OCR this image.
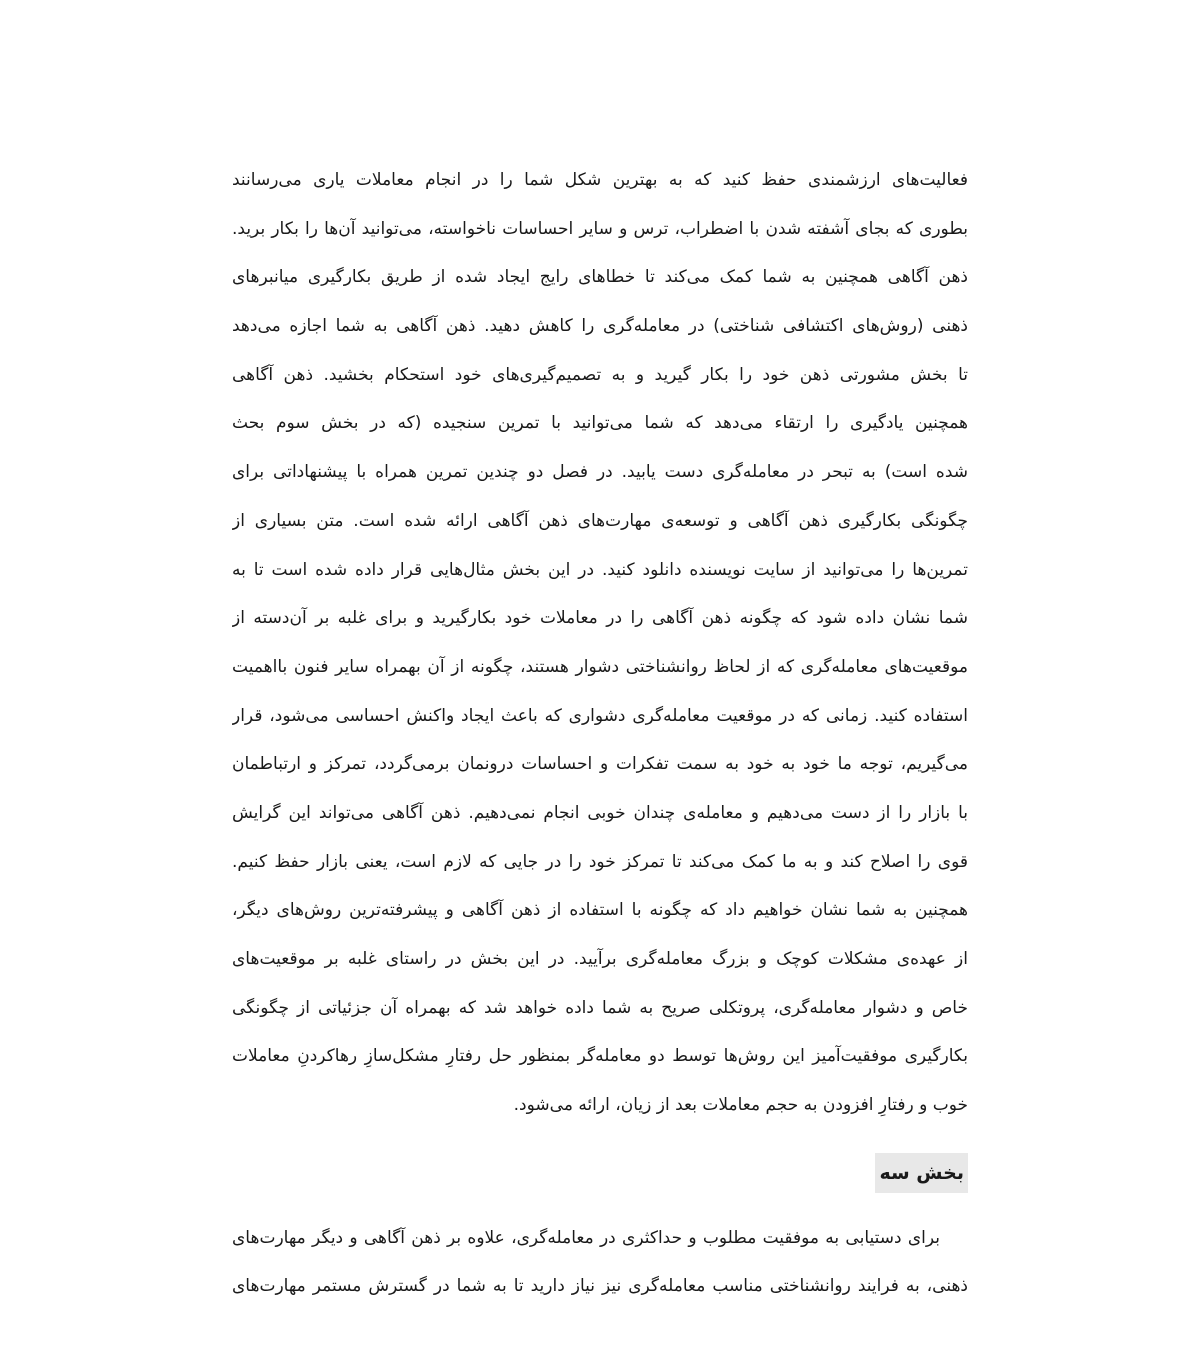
فعالیت‌های ارزشمندی حفظ کنید که به بهترین شکل شما را در انجام معاملات یاری می‌رسانند
بطوری که بجای آشفته شدن با اضطراب، ترس و سایر احساسات ناخواسته، می‌توانید آن‌ها را بکار برید.
ذهن آگاهی همچنین به شما کمک می‌کند تا خطاهای رایج ایجاد شده از طریق بکارگیری میانبرهای
ذهنی (روش‌های اکتشافی شناختی) در معامله‌گری را کاهش دهید. ذهن آگاهی به شما اجازه می‌دهد
تا بخش مشورتی ذهن خود را بکار گیرید و به تصمیم‌گیری‌های خود استحکام بخشید. ذهن آگاهی
همچنین یادگیری را ارتقاء می‌دهد که شما می‌توانید با تمرین سنجیده (که در بخش سوم بحث
شده است) به تبحر در معامله‌گری دست یابید. در فصل دو چندین تمرین همراه با پیشنهاداتی برای
چگونگی بکارگیری ذهن آگاهی و توسعه‌ی مهارت‌های ذهن آگاهی ارائه شده است. متن بسیاری از
تمرین‌ها را می‌توانید از سایت نویسنده دانلود کنید. در این بخش مثال‌هایی قرار داده شده است تا به
شما نشان داده شود که چگونه ذهن آگاهی را در معاملات خود بکارگیرید و برای غلبه بر آن‌دسته از
موقعیت‌های معامله‌گری که از لحاظ روانشناختی دشوار هستند، چگونه از آن بهمراه سایر فنون بااهمیت
استفاده کنید. زمانی که در موقعیت معامله‌گری دشواری که باعث ایجاد واکنش احساسی می‌شود، قرار
می‌گیریم، توجه ما خود به خود به سمت تفکرات و احساسات درونمان برمی‌گردد، تمرکز و ارتباطمان
با بازار را از دست می‌دهیم و معامله‌ی چندان خوبی انجام نمی‌دهیم. ذهن آگاهی می‌تواند این گرایش
قوی را اصلاح کند و به ما کمک می‌کند تا تمرکز خود را در جایی که لازم است، یعنی بازار حفظ کنیم.
همچنین به شما نشان خواهیم داد که چگونه با استفاده از ذهن آگاهی و پیشرفته‌ترین روش‌های دیگر،
از عهده‌ی مشکلات کوچک و بزرگ معامله‌گری برآیید. در این بخش در راستای غلبه بر موقعیت‌های
خاص و دشوار معامله‌گری، پروتکلی صریح به شما داده خواهد شد که بهمراه آن جزئیاتی از چگونگی
بکارگیری موفقیت‌آمیز این روش‌ها توسط دو معامله‌گر بمنظور حل رفتارِ مشکل‌سازِ رهاکردنِ معاملات
خوب و رفتارِ افزودن به حجم معاملات بعد از زیان، ارائه می‌شود.
بخش سه
برای دستیابی به موفقیت مطلوب و حداکثری در معامله‌گری، علاوه بر ذهن آگاهی و دیگر مهارت‌های
ذهنی، به فرایند روانشناختی مناسب معامله‌گری نیز نیاز دارید تا به شما در گسترش مستمر مهارت‌های
